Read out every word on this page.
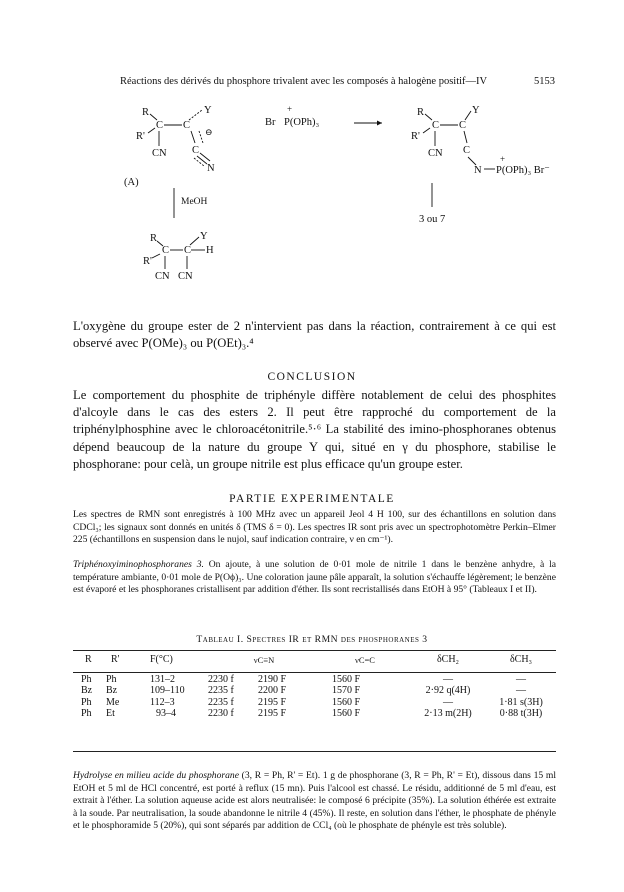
Réactions des dérivés du phosphore trivalent avec les composés à halogène positif—IV	5153
R	Y
C C
R'	⊖
CN C
N
(A)
+
Br P(OPh)₃
R	Y
C C
R'
CN C
N
+
P(OPh)₃ Br⁻
3 ou 7
MeOH
R	Y
C C H
R'
CN CN
L'oxygène du groupe ester de 2 n'intervient pas dans la réaction, contrairement à ce qui est observé avec P(OMe)₃ ou P(OEt)₃.⁴
CONCLUSION
Le comportement du phosphite de triphényle diffère notablement de celui des phosphites d'alcoyle dans le cas des esters 2. Il peut être rapproché du comportement de la triphénylphosphine avec le chloroacétonitrile.⁵·⁶ La stabilité des imino-phosphoranes obtenus dépend beaucoup de la nature du groupe Y qui, situé en γ du phosphore, stabilise le phosphorane: pour celà, un groupe nitrile est plus efficace qu'un groupe ester.
PARTIE EXPERIMENTALE
Les spectres de RMN sont enregistrés à 100 MHz avec un appareil Jeol 4 H 100, sur des échantillons en solution dans CDCl₃; les signaux sont donnés en unités δ (TMS δ = 0). Les spectres IR sont pris avec un spectrophotomètre Perkin–Elmer 225 (échantillons en suspension dans le nujol, sauf indication contraire, ν en cm⁻¹).
Triphénoxyiminophosphoranes 3. On ajoute, à une solution de 0·01 mole de nitrile 1 dans le benzène anhydre, à la température ambiante, 0·01 mole de P(Oϕ)₃. Une coloration jaune pâle apparaît, la solution s'échauffe légèrement; le benzène est évaporé et les phosphoranes cristallisent par addition d'éther. Ils sont recristallisés dans EtOH à 95° (Tableaux I et II).
Tableau I. Spectres IR et RMN des phosphoranes 3
R	R'	F(°C)	νC≡N		νC=C	δCH₂	δCH₃

Ph	Ph	131–2	2230 f	2190 F	1560 F	—	—
Bz	Bz	109–110	2235 f	2200 F	1570 F	2·92 q(4H)	—
Ph	Me	112–3	2235 f	2195 F	1560 F	—	1·81 s(3H)
Ph	Et	93–4	2230 f	2195 F	1560 F	2·13 m(2H)	0·88 t(3H)
Hydrolyse en milieu acide du phosphorane (3, R = Ph, R' = Et). 1 g de phosphorane (3, R = Ph, R' = Et), dissous dans 15 ml EtOH et 5 ml de HCl concentré, est porté à reflux (15 mn). Puis l'alcool est chassé. Le résidu, additionné de 5 ml d'eau, est extrait à l'éther. La solution aqueuse acide est alors neutralisée: le composé 6 précipite (35%). La solution éthérée est extraite à la soude. Par neutralisation, la soude abandonne le nitrile 4 (45%). Il reste, en solution dans l'éther, le phosphate de phényle et le phosphoramide 5 (20%), qui sont séparés par addition de CCl₄ (où le phosphate de phényle est très soluble).
